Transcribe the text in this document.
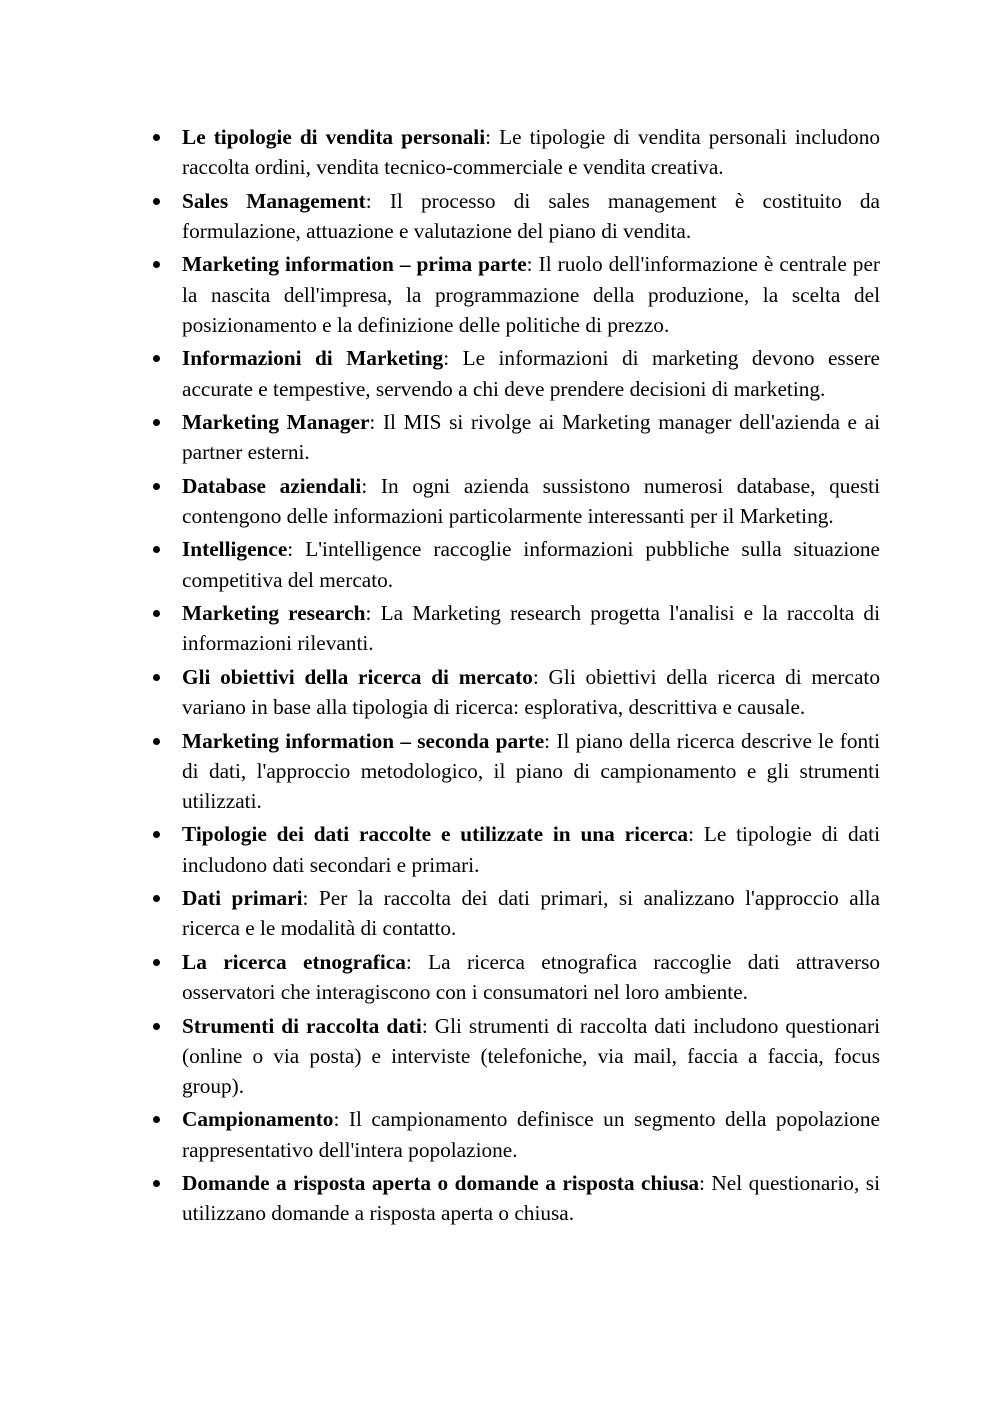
Le tipologie di vendita personali: Le tipologie di vendita personali includono raccolta ordini, vendita tecnico-commerciale e vendita creativa.
Sales Management: Il processo di sales management è costituito da formulazione, attuazione e valutazione del piano di vendita.
Marketing information – prima parte: Il ruolo dell'informazione è centrale per la nascita dell'impresa, la programmazione della produzione, la scelta del posizionamento e la definizione delle politiche di prezzo.
Informazioni di Marketing: Le informazioni di marketing devono essere accurate e tempestive, servendo a chi deve prendere decisioni di marketing.
Marketing Manager: Il MIS si rivolge ai Marketing manager dell'azienda e ai partner esterni.
Database aziendali: In ogni azienda sussistono numerosi database, questi contengono delle informazioni particolarmente interessanti per il Marketing.
Intelligence: L'intelligence raccoglie informazioni pubbliche sulla situazione competitiva del mercato.
Marketing research: La Marketing research progetta l'analisi e la raccolta di informazioni rilevanti.
Gli obiettivi della ricerca di mercato: Gli obiettivi della ricerca di mercato variano in base alla tipologia di ricerca: esplorativa, descrittiva e causale.
Marketing information – seconda parte: Il piano della ricerca descrive le fonti di dati, l'approccio metodologico, il piano di campionamento e gli strumenti utilizzati.
Tipologie dei dati raccolte e utilizzate in una ricerca: Le tipologie di dati includono dati secondari e primari.
Dati primari: Per la raccolta dei dati primari, si analizzano l'approccio alla ricerca e le modalità di contatto.
La ricerca etnografica: La ricerca etnografica raccoglie dati attraverso osservatori che interagiscono con i consumatori nel loro ambiente.
Strumenti di raccolta dati: Gli strumenti di raccolta dati includono questionari (online o via posta) e interviste (telefoniche, via mail, faccia a faccia, focus group).
Campionamento: Il campionamento definisce un segmento della popolazione rappresentativo dell'intera popolazione.
Domande a risposta aperta o domande a risposta chiusa: Nel questionario, si utilizzano domande a risposta aperta o chiusa.
